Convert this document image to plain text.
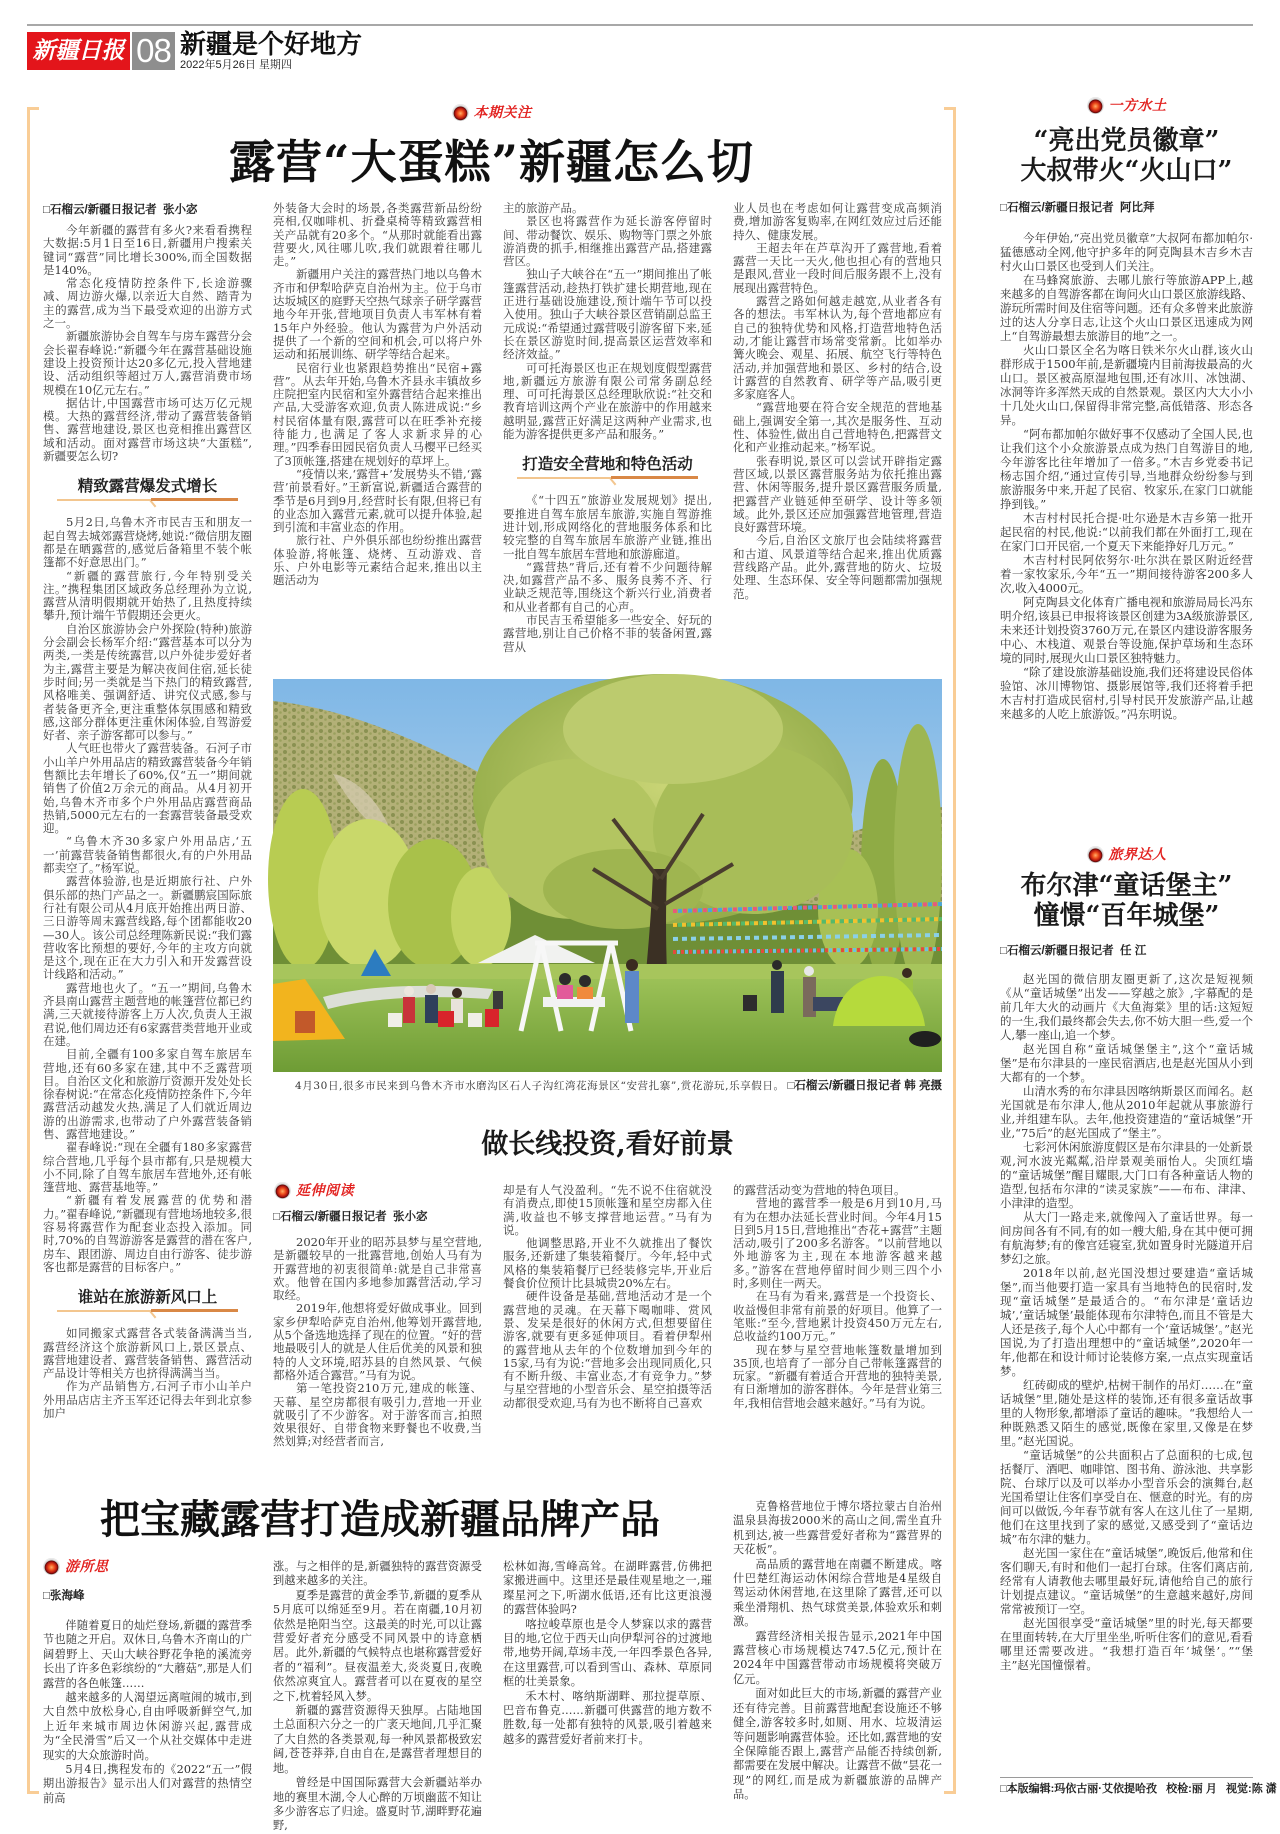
新疆日报 08 新疆是个好地方
2022年5月26日 星期四
本期关注
露营“大蛋糕”新疆怎么切
□石榴云/新疆日报记者  张小宓

今年新疆的露营有多火?来看看携程大数据:5月1日至16日,新疆用户搜索关键词“露营”同比增长300%,而全国数据是140%。

常态化疫情防控条件下,长途游骤减、周边游火爆,以亲近大自然、踏青为主的露营,成为当下最受欢迎的出游方式之一。

新疆旅游协会自驾车与房车露营分会会长翟春峰说:“新疆今年在露营基础设施建设上投资预计达20多亿元,投入营地建设、活动组织等超过万人,露营消费市场规模在10亿元左右。”

据估计,中国露营市场可达万亿元规模。大热的露营经济,带动了露营装备销售、露营地建设,景区也竞相推出露营区域和活动。面对露营市场这块“大蛋糕”,新疆要怎么切?

精致露营爆发式增长

5月2日,乌鲁木齐市民吉玉和朋友一起自驾去城郊露营烧烤,她说:“微信朋友圈都是在晒露营的,感觉后备箱里不装个帐篷都不好意思出门。”

“新疆的露营旅行,今年特别受关注。”携程集团区域政务总经理孙为立说,露营从清明假期就开始热了,且热度持续攀升,预计端午节假期还会更火。

自治区旅游协会户外探险(特种)旅游分会副会长杨军介绍:“露营基本可以分为两类,一类是传统露营,以户外徒步爱好者为主,露营主要是为解决夜间住宿,延长徒步时间;另一类就是当下热门的精致露营,风格唯美、强调舒适、讲究仪式感,参与者装备更齐全,更注重整体氛围感和精致感,这部分群体更注重休闲体验,自驾游爱好者、亲子游客都可以参与。”

人气旺也带火了露营装备。石河子市小山羊户外用品店的精致露营装备今年销售额比去年增长了60%,仅“五一”期间就销售了价值2万余元的商品。从4月初开始,乌鲁木齐市多个户外用品店露营商品热销,5000元左右的一套露营装备最受欢迎。

“乌鲁木齐30多家户外用品店,‘五一’前露营装备销售都很火,有的户外用品都卖空了。”杨军说。

露营体验游,也是近期旅行社、户外俱乐部的热门产品之一。新疆鹏宸国际旅行社有限公司从4月底开始推出两日游、三日游等周末露营线路,每个团都能收20—30人。该公司总经理陈新民说:“我们露营收客比预想的要好,今年的主攻方向就是这个,现在正在大力引入和开发露营设计线路和活动。”

露营地也火了。“五一”期间,乌鲁木齐县南山露营主题营地的帐篷营位都已约满,三天就接待游客上万人次,负责人王淑君说,他们周边还有6家露营类营地开业或在建。

目前,全疆有100多家自驾车旅居车营地,还有60多家在建,其中不乏露营项目。自治区文化和旅游厅资源开发处处长徐春树说:“在常态化疫情防控条件下,今年露营活动越发火热,满足了人们就近周边游的出游需求,也带动了户外露营装备销售、露营地建设。”

翟春峰说:“现在全疆有180多家露营综合营地,几乎每个县市都有,只是规模大小不同,除了自驾车旅居车营地外,还有帐篷营地、露营基地等。”

“新疆有着发展露营的优势和潜力。”翟春峰说,“新疆现有营地场地较多,很容易将露营作为配套业态投入添加。同时,70%的自驾游游客是露营的潜在客户,房车、跟团游、周边自由行游客、徒步游客也都是露营的目标客户。”

谁站在旅游新风口上

如同搬家式露营各式装备满满当当,露营经济这个旅游新风口上,景区景点、露营地建设者、露营装备销售、露营活动产品设计等相关方也挤得满满当当。

作为产品销售方,石河子市小山羊户外用品店店主齐玉军还记得去年到北京参加户

外装备大会时的场景,各类露营新品纷纷亮相,仅咖啡机、折叠桌椅等精致露营相关产品就有20多个。“从那时就能看出露营要火,风往哪儿吹,我们就跟着往哪儿走。”

新疆用户关注的露营热门地以乌鲁木齐市和伊犁哈萨克自治州为主。位于乌市达坂城区的庭野天空热气球亲子研学露营地今年开张,营地项目负责人韦军林有着15年户外经验。他认为露营为户外活动提供了一个新的空间和机会,可以将户外运动和拓展训练、研学等结合起来。

民宿行业也紧跟趋势推出“民宿+露营”。从去年开始,乌鲁木齐县永丰镇故乡庄院把室内民宿和室外露营结合起来推出产品,大受游客欢迎,负责人陈进成说:“乡村民宿体量有限,露营可以在旺季补充接待能力,也满足了客人求新求异的心理。”四季春田园民宿负责人马樱平已经买了3顶帐篷,搭建在规划好的草坪上。

“疫情以来,‘露营+’发展势头不错,‘露营’前景看好。”王新富说,新疆适合露营的季节是6月到9月,经营时长有限,但将已有的业态加入露营元素,就可以提升体验,起到引流和丰富业态的作用。

旅行社、户外俱乐部也纷纷推出露营体验游,将帐篷、烧烤、互动游戏、音乐、户外电影等元素结合起来,推出以主题活动为

主的旅游产品。

景区也将露营作为延长游客停留时间、带动餐饮、娱乐、购物等门票之外旅游消费的抓手,相继推出露营产品,搭建露营区。

独山子大峡谷在“五一”期间推出了帐篷露营活动,趁热打铁扩建长期营地,现在正进行基础设施建设,预计端午节可以投入使用。独山子大峡谷景区营销副总监王元成说:“希望通过露营吸引游客留下来,延长在景区游览时间,提高景区运营效率和经济效益。”

可可托海景区也正在规划度假型露营地,新疆远方旅游有限公司常务副总经理、可可托海景区总经理耿欣说:“社交和教育培训这两个产业在旅游中的作用越来越明显,露营正好满足这两种产业需求,也能为游客提供更多产品和服务。”

打造安全营地和特色活动

《“十四五”旅游业发展规划》提出,要推进自驾车旅居车旅游,实施自驾游推进计划,形成网络化的营地服务体系和比较完整的自驾车旅居车旅游产业链,推出一批自驾车旅居车营地和旅游廊道。

“露营热”背后,还有着不少问题待解决,如露营产品不多、服务良莠不齐、行业缺乏规范等,围绕这个新兴行业,消费者和从业者都有自己的心声。

市民吉玉希望能多一些安全、好玩的露营地,别让自己价格不菲的装备闲置,露营从

业人员也在考虑如何让露营变成高频消费,增加游客复购率,在网红效应过后还能持久、健康发展。

王超去年在芦草沟开了露营地,看着露营一天比一天火,他也担心有的营地只是跟风,营业一段时间后服务跟不上,没有展现出露营特色。

露营之路如何越走越宽,从业者各有各的想法。韦军林认为,每个营地都应有自己的独特优势和风格,打造营地特色活动,才能让露营市场常变常新。比如举办篝火晚会、观星、拓展、航空飞行等特色活动,并加强营地和景区、乡村的结合,设计露营的自然教育、研学等产品,吸引更多家庭客人。

“露营地要在符合安全规范的营地基础上,强调安全第一,其次是服务性、互动性、体验性,做出自己营地特色,把露营文化和产业推动起来。”杨军说。

张春明说,景区可以尝试开辟指定露营区域,以景区露营服务站为依托推出露营、休闲等服务,提升景区露营服务质量,把露营产业链延伸至研学、设计等多领域。此外,景区还应加强露营地管理,营造良好露营环境。

今后,自治区文旅厅也会陆续将露营和古道、风景道等结合起来,推出优质露营线路产品。此外,露营地的防火、垃圾处理、生态环保、安全等问题都需加强规范。

4月30日,很多市民来到乌鲁木齐市水磨沟区石人子沟红湾花海景区“安营扎寨”,赏花游玩,乐享假日。 □石榴云/新疆日报记者 韩 亮摄
做长线投资,看好前景
延伸阅读
□石榴云/新疆日报记者  张小宓

2020年开业的昭苏县梦与星空营地,是新疆较早的一批露营地,创始人马有为开露营地的初衷很简单:就是自己非常喜欢。他曾在国内多地参加露营活动,学习取经。

2019年,他想将爱好做成事业。回到家乡伊犁哈萨克自治州,他筹划开露营地,从5个备选地选择了现在的位置。“好的营地最吸引人的就是人住后优美的风景和独特的人文环境,昭苏县的自然风景、气候都格外适合露营。”马有为说。

第一笔投资210万元,建成的帐篷、天幕、星空房都很有吸引力,营地一开业就吸引了不少游客。对于游客而言,拍照效果很好、自带食物来野餐也不收费,当然划算;对经营者而言,

却是有人气没盈利。“先不说不住宿就没有消费点,即使15顶帐篷和星空房都入住满,收益也不够支撑营地运营。”马有为说。

他调整思路,开业不久就推出了餐饮服务,还新建了集装箱餐厅。今年,轻中式风格的集装箱餐厅已经装修完毕,开业后餐食价位预计比县城贵20%左右。

硬件设备是基础,营地活动才是一个露营地的灵魂。在天幕下喝咖啡、赏风景、发呆是很好的休闲方式,但想要留住游客,就要有更多延伸项目。看着伊犁州的露营地从去年的个位数增加到今年的15家,马有为说:“营地多会出现同质化,只有不断升级、丰富业态,才有竞争力。”梦与星空营地的小型音乐会、星空拍摄等活动都很受欢迎,马有为也不断将自己喜欢

的露营活动变为营地的特色项目。

营地的露营季一般是6月到10月,马有为在想办法延长营业时间。今年4月15日到5月15日,营地推出“杏花+露营”主题活动,吸引了200多名游客。“以前营地以外地游客为主,现在本地游客越来越多。”游客在营地停留时间少则三四个小时,多则住一两天。

在马有为看来,露营是一个投资长、收益慢但非常有前景的好项目。他算了一笔账:“至今,营地累计投资450万元左右,总收益约100万元。”

现在梦与星空营地帐篷数量增加到35顶,也培育了一部分自己带帐篷露营的玩家。“新疆有着适合开营地的独特美景,有日渐增加的游客群体。今年是营业第三年,我相信营地会越来越好。”马有为说。

把宝藏露营打造成新疆品牌产品
游所思
□张海峰

伴随着夏日的灿烂登场,新疆的露营季节也随之开启。双休日,乌鲁木齐南山的广阔碧野上、天山大峡谷野花争艳的溪流旁长出了许多色彩缤纷的“大蘑菇”,那是人们露营的各色帐篷……

越来越多的人渴望远离喧闹的城市,到大自然中放松身心,自由呼吸新鲜空气,加上近年来城市周边休闲游兴起,露营成为“全民滑雪”后又一个从社交媒体中走进现实的大众旅游时尚。

5月4日,携程发布的《2022“五一”假期出游报告》显示出人们对露营的热情空前高

涨。与之相伴的是,新疆独特的露营资源受到越来越多的关注。

夏季是露营的黄金季节,新疆的夏季从5月底可以绵延至9月。若在南疆,10月初依然是艳阳当空。这最美的时光,可以让露营爱好者充分感受不同风景中的诗意栖居。此外,新疆的气候特点也堪称露营爱好者的“福利”。昼夜温差大,炎炎夏日,夜晚依然凉爽宜人。露营者可以在夏夜的星空之下,枕着轻风入梦。

新疆的露营资源得天独厚。占陆地国土总面积六分之一的广袤天地间,几乎汇聚了大自然的各类景观,每一种风景都极致宏阔,苍苍莽莽,自由自在,是露营者理想目的地。

曾经是中国国际露营大会新疆站举办地的赛里木湖,令人心醉的万顷幽蓝不知让多少游客忘了归途。盛夏时节,湖畔野花遍野,

松林如海,雪峰高耸。在湖畔露营,仿佛把家搬进画中。这里还是最佳观星地之一,璀璨星河之下,听湖水低语,还有比这更浪漫的露营体验吗?

喀拉峻草原也是令人梦寐以求的露营目的地,它位于西天山向伊犁河谷的过渡地带,地势开阔,草场丰茂,一年四季景色各异,在这里露营,可以看到雪山、森林、草原同框的壮美景象。

禾木村、喀纳斯湖畔、那拉提草原、巴音布鲁克……新疆可供露营的地方数不胜数,每一处都有独特的风景,吸引着越来越多的露营爱好者前来打卡。

克鲁格营地位于博尔塔拉蒙古自治州温泉县海拔2000米的高山之间,需坐直升机到达,被一些露营爱好者称为“露营界的天花板”。

高品质的露营地在南疆不断建成。喀什巴楚红海运动休闲综合营地是4星级自驾运动休闲营地,在这里除了露营,还可以乘坐滑翔机、热气球赏美景,体验欢乐和刺激。

露营经济相关报告显示,2021年中国露营核心市场规模达747.5亿元,预计在2024年中国露营带动市场规模将突破万亿元。

面对如此巨大的市场,新疆的露营产业还有待完善。目前露营地配套设施还不够健全,游客较多时,如厕、用水、垃圾清运等问题影响露营体验。还比如,露营地的安全保障能否跟上,露营产品能否持续创新,都需要在发展中解决。让露营不做“昙花一现”的网红,而是成为新疆旅游的品牌产品。

一方水土
“亮出党员徽章”
大叔带火“火山口”
□石榴云/新疆日报记者  阿比拜

今年伊始,“亮出党员徽章”大叔阿布都加帕尔·猛德感动全网,他守护多年的阿克陶县木吉乡木吉村火山口景区也受到人们关注。

在马蜂窝旅游、去哪儿旅行等旅游APP上,越来越多的自驾游客都在询问火山口景区旅游线路、游玩所需时间及住宿等问题。还有众多曾来此旅游过的达人分享日志,让这个火山口景区迅速成为网上“自驾游最想去旅游目的地”之一。

火山口景区全名为喀日铁米尔火山群,该火山群形成于1500年前,是新疆境内目前海拔最高的火山口。景区被高原湿地包围,还有冰川、冰蚀湖、冰洞等许多浑然天成的自然景观。景区内大大小小十几处火山口,保留得非常完整,高低错落、形态各异。

“阿布都加帕尔做好事不仅感动了全国人民,也让我们这个小众旅游景点成为热门自驾游目的地,今年游客比往年增加了一倍多。”木吉乡党委书记杨志国介绍,“通过宣传引导,当地群众纷纷参与到旅游服务中来,开起了民宿、牧家乐,在家门口就能挣到钱。”

木吉村村民托合提·吐尔逊是木吉乡第一批开起民宿的村民,他说:“以前我们都在外面打工,现在在家门口开民宿,一个夏天下来能挣好几万元。”

木吉村村民阿依努尔·吐尔洪在景区附近经营着一家牧家乐,今年“五一”期间接待游客200多人次,收入4000元。

阿克陶县文化体育广播电视和旅游局局长冯东明介绍,该县已申报将该景区创建为3A级旅游景区,未来还计划投资3760万元,在景区内建设游客服务中心、木栈道、观景台等设施,保护草场和生态环境的同时,展现火山口景区独特魅力。

“除了建设旅游基础设施,我们还将建设民俗体验馆、冰川博物馆、摄影展馆等,我们还将着手把木吉村打造成民宿村,引导村民开发旅游产品,让越来越多的人吃上旅游饭。”冯东明说。

旅界达人
布尔津“童话堡主”
憧憬“百年城堡”
□石榴云/新疆日报记者  任 江

赵光国的微信朋友圈更新了,这次是短视频《从“童话城堡”出发——穿越之旅》,字幕配的是前几年大火的动画片《大鱼海棠》里的话:这短短的一生,我们最终都会失去,你不妨大胆一些,爱一个人,攀一座山,追一个梦。

赵光国自称“童话城堡堡主”,这个“童话城堡”是布尔津县的一座民宿酒店,也是赵光国从小到大都有的一个梦。

山清水秀的布尔津县因喀纳斯景区而闻名。赵光国就是布尔津人,他从2010年起就从事旅游行业,并组建车队。去年,他投资建造的“童话城堡”开业,“75后”的赵光国成了“堡主”。

七彩河休闲旅游度假区是布尔津县的一处新景观,河水波光粼粼,沿岸景观美丽怡人。尖顶红墙的“童话城堡”醒目耀眼,大门口有各种童话人物的造型,包括布尔津的“读灵家族”——布布、津津、小津津的造型。

从大门一路走来,就像闯入了童话世界。每一间房间各有不同,有的如一艘大船,身在其中便可拥有航海梦;有的像宫廷寝室,犹如置身时光隧道开启梦幻之旅。

2018年以前,赵光国没想过要建造“童话城堡”,而当他要打造一家具有当地特色的民宿时,发现“童话城堡”是最适合的。“布尔津是‘童话边城’,‘童话城堡’最能体现布尔津特色,而且不管是大人还是孩子,每个人心中都有一个‘童话城堡’。”赵光国说,为了打造出理想中的“童话城堡”,2020年一年,他都在和设计师讨论装修方案,一点点实现童话梦。

红砖砌成的壁炉,枯树干制作的吊灯……在“童话城堡”里,随处是这样的装饰,还有很多童话故事里的人物形象,都增添了童话的趣味。“我想给人一种既熟悉又陌生的感觉,既像在家里,又像是在梦里。”赵光国说。

“童话城堡”的公共面积占了总面积的七成,包括餐厅、酒吧、咖啡馆、图书角、游泳池、共享影院、台球厅以及可以举办小型音乐会的演舞台,赵光国希望让住客们享受自在、惬意的时光。有的房间可以做饭,今年春节就有客人在这儿住了一星期,他们在这里找到了家的感觉,又感受到了“童话边城”布尔津的魅力。

赵光国一家住在“童话城堡”,晚饭后,他常和住客们聊天,有时和他们一起打台球。住客们离店前,经常有人请教他去哪里最好玩,请他给自己的旅行计划提点建议。“童话城堡”的生意越来越好,房间常常被预订一空。

赵光国很享受“童话城堡”里的时光,每天都要在里面转转,在大厅里坐坐,听听住客们的意见,看看哪里还需要改进。“我想打造百年‘城堡’。”“堡主”赵光国憧憬着。

□本版编辑:玛依古丽·艾依提哈孜   校检:丽 月   视觉:陈 潇
